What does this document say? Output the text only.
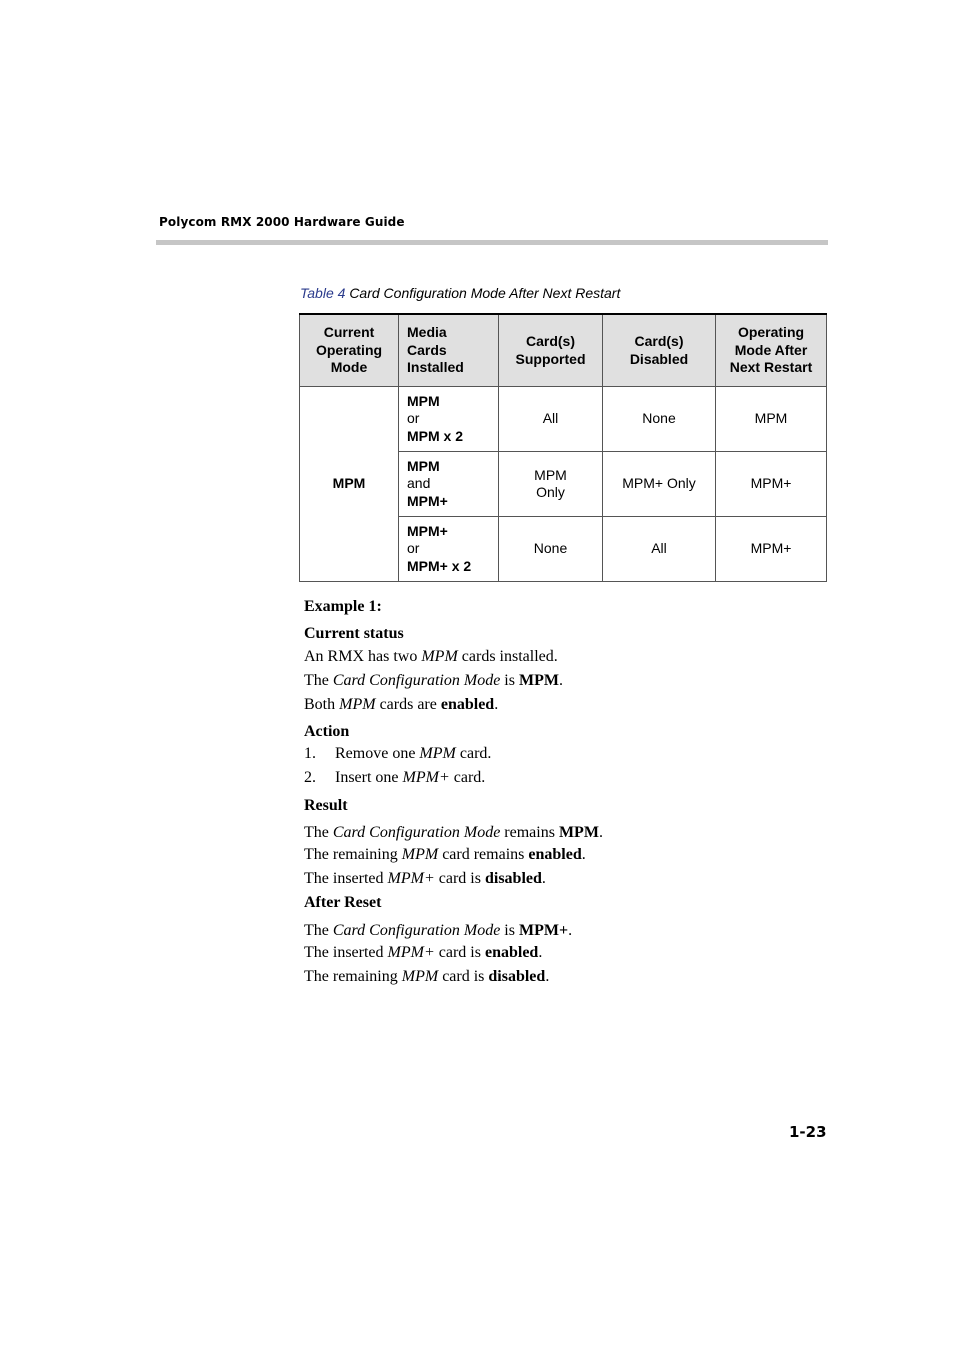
Polycom RMX 2000 Hardware Guide
Table 4 Card Configuration Mode After Next Restart
Current
Operating
Mode	Media
Cards
Installed	Card(s)
Supported	Card(s)
Disabled	Operating
Mode After
Next Restart
MPM	MPM
or
MPM x 2	All	None	MPM
	MPM
and
MPM+	MPM
Only	MPM+ Only	MPM+
	MPM+
or
MPM+ x 2	None	All	MPM+
Example 1:
Current status
An RMX has two MPM cards installed.
The Card Configuration Mode is MPM.
Both MPM cards are enabled.
Action
1. Remove one MPM card.
2. Insert one MPM+ card.
Result
The Card Configuration Mode remains MPM.
The remaining MPM card remains enabled.
The inserted MPM+ card is disabled.
After Reset
The Card Configuration Mode is MPM+.
The inserted MPM+ card is enabled.
The remaining MPM card is disabled.
1-23
